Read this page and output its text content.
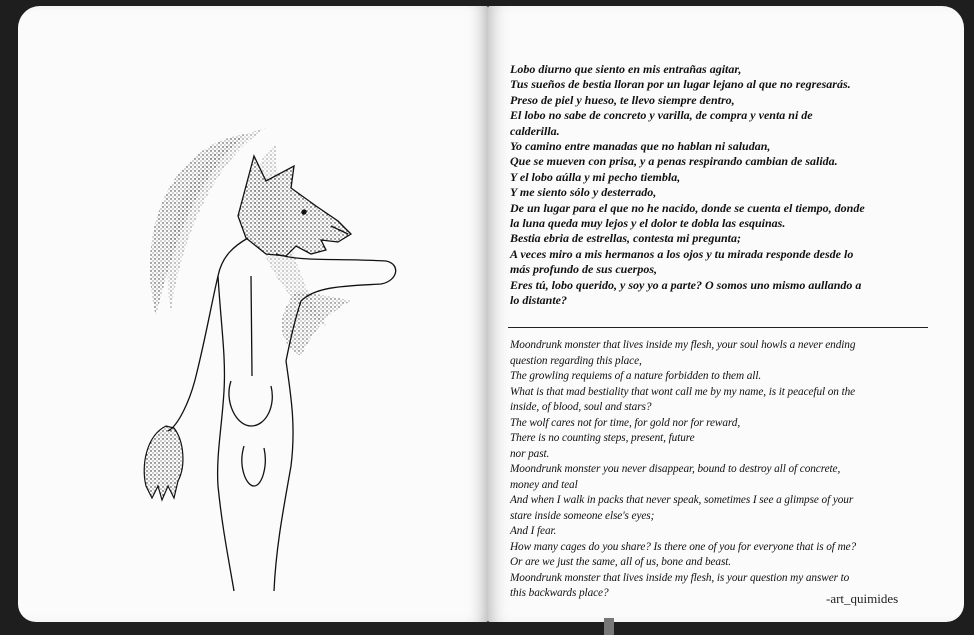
Lobo diurno que siento en mis entrañas agitar,
Tus sueños de bestia lloran por un lugar lejano al que no regresarás.
Preso de piel y hueso, te llevo siempre dentro,
El lobo no sabe de concreto y varilla, de compra y venta ni de
calderilla.
Yo camino entre manadas que no hablan ni saludan,
Que se mueven con prisa, y a penas respirando cambian de salida.
Y el lobo aúlla y mi pecho tiembla,
Y me siento sólo y desterrado,
De un lugar para el que no he nacido, donde se cuenta el tiempo, donde
la luna queda muy lejos y el dolor te dobla las esquinas.
Bestia ebria de estrellas, contesta mi pregunta;
A veces miro a mis hermanos a los ojos y tu mirada responde desde lo
más profundo de sus cuerpos,
Eres tú, lobo querido, y soy yo a parte? O somos uno mismo aullando a
lo distante?
Moondrunk monster that lives inside my flesh, your soul howls a never ending
question regarding this place,
The growling requiems of a nature forbidden to them all.
What is that mad bestiality that wont call me by my name, is it peaceful on the
inside, of blood, soul and stars?
The wolf cares not for time, for gold nor for reward,
There is no counting steps, present, future
nor past.
Moondrunk monster you never disappear, bound to destroy all of concrete,
money and teal
And when I walk in packs that never speak, sometimes I see a glimpse of your
stare inside someone else's eyes;
And I fear.
How many cages do you share? Is there one of you for everyone that is of me?
Or are we just the same, all of us, bone and beast.
Moondrunk monster that lives inside my flesh, is your question my answer to
this backwards place?	-art_quimides
